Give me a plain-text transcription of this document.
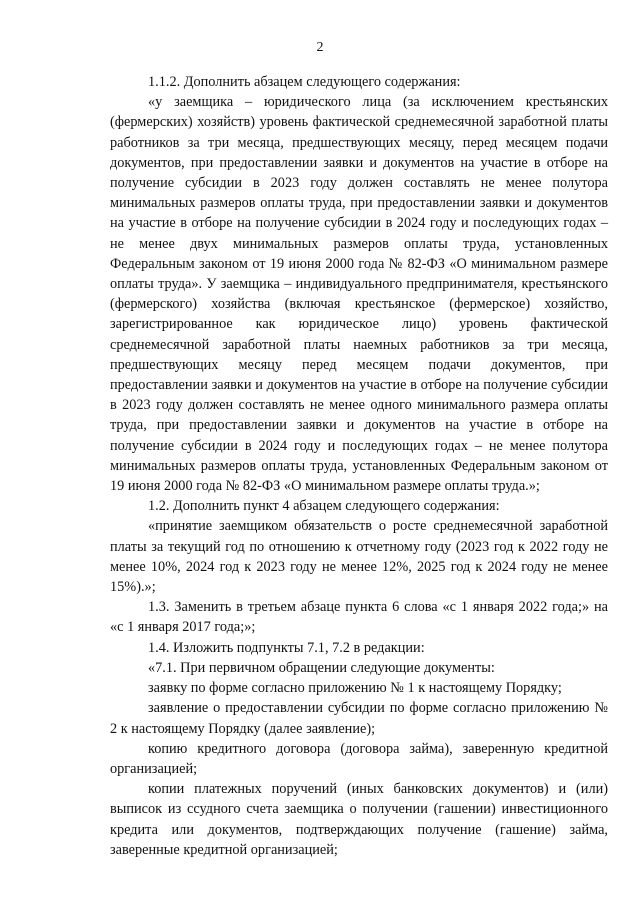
2

1.1.2. Дополнить абзацем следующего содержания:

«у заемщика – юридического лица (за исключением крестьянских (фермерских) хозяйств) уровень фактической среднемесячной заработной платы работников за три месяца, предшествующих месяцу, перед месяцем подачи документов, при предоставлении заявки и документов на участие в отборе на получение субсидии в 2023 году должен составлять не менее полутора минимальных размеров оплаты труда, при предоставлении заявки и документов на участие в отборе на получение субсидии в 2024 году и последующих годах – не менее двух минимальных размеров оплаты труда, установленных Федеральным законом от 19 июня 2000 года № 82-ФЗ «О минимальном размере оплаты труда». У заемщика – индивидуального предпринимателя, крестьянского (фермерского) хозяйства (включая крестьянское (фермерское) хозяйство, зарегистрированное как юридическое лицо) уровень фактической среднемесячной заработной платы наемных работников за три месяца, предшествующих месяцу перед месяцем подачи документов, при предоставлении заявки и документов на участие в отборе на получение субсидии в 2023 году должен составлять не менее одного минимального размера оплаты труда, при предоставлении заявки и документов на участие в отборе на получение субсидии в 2024 году и последующих годах – не менее полутора минимальных размеров оплаты труда, установленных Федеральным законом от 19 июня 2000 года № 82-ФЗ «О минимальном размере оплаты труда.»;

1.2. Дополнить пункт 4 абзацем следующего содержания:

«принятие заемщиком обязательств о росте среднемесячной заработной платы за текущий год по отношению к отчетному году (2023 год к 2022 году не менее 10%, 2024 год к 2023 году не менее 12%, 2025 год к 2024 году не менее 15%).»;

1.3. Заменить в третьем абзаце пункта 6 слова «с 1 января 2022 года;» на «с 1 января 2017 года;»;

1.4. Изложить подпункты 7.1, 7.2 в редакции:

«7.1. При первичном обращении следующие документы:

заявку по форме согласно приложению № 1 к настоящему Порядку;

заявление о предоставлении субсидии по форме согласно приложению № 2 к настоящему Порядку (далее заявление);

копию кредитного договора (договора займа), заверенную кредитной организацией;

копии платежных поручений (иных банковских документов) и (или) выписок из ссудного счета заемщика о получении (гашении) инвестиционного кредита или документов, подтверждающих получение (гашение) займа, заверенные кредитной организацией;
